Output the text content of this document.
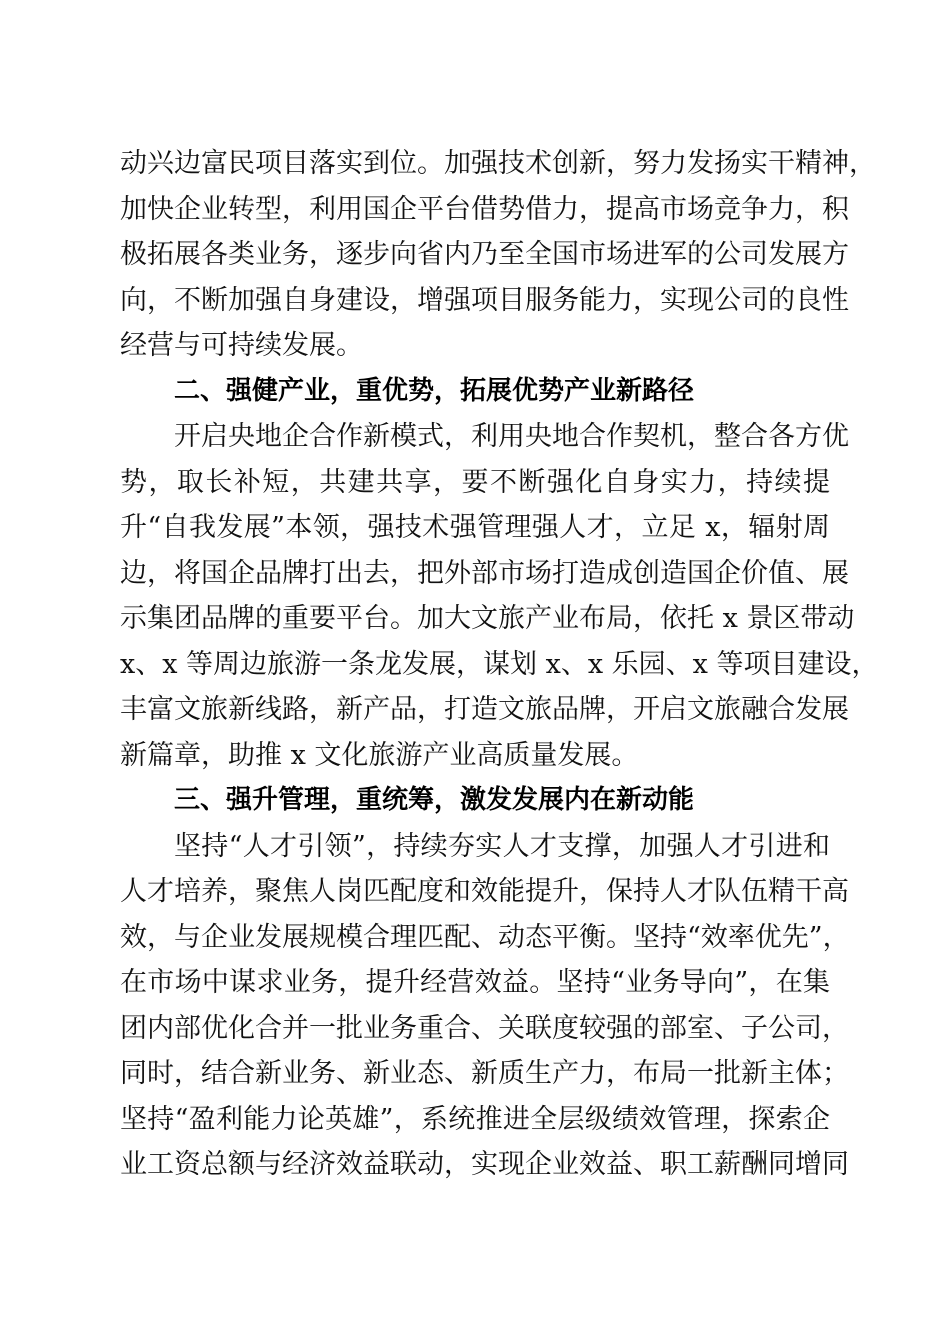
动兴边富民项目落实到位。加强技术创新，努力发扬实干精神，
加快企业转型，利用国企平台借势借力，提高市场竞争力，积
极拓展各类业务，逐步向省内乃至全国市场进军的公司发展方
向，不断加强自身建设，增强项目服务能力，实现公司的良性
经营与可持续发展。
二、强健产业，重优势，拓展优势产业新路径
开启央地企合作新模式，利用央地合作契机，整合各方优
势，取长补短，共建共享，要不断强化自身实力，持续提
升“自我发展”本领，强技术强管理强人才，立足 x，辐射周
边，将国企品牌打出去，把外部市场打造成创造国企价值、展
示集团品牌的重要平台。加大文旅产业布局，依托 x 景区带动
x、x 等周边旅游一条龙发展，谋划 x、x 乐园、x 等项目建设，
丰富文旅新线路，新产品，打造文旅品牌，开启文旅融合发展
新篇章，助推 x 文化旅游产业高质量发展。
三、强升管理，重统筹，激发发展内在新动能
坚持“人才引领”，持续夯实人才支撑，加强人才引进和
人才培养，聚焦人岗匹配度和效能提升，保持人才队伍精干高
效，与企业发展规模合理匹配、动态平衡。坚持“效率优先”，
在市场中谋求业务，提升经营效益。坚持“业务导向”，在集
团内部优化合并一批业务重合、关联度较强的部室、子公司，
同时，结合新业务、新业态、新质生产力，布局一批新主体；
坚持“盈利能力论英雄”，系统推进全层级绩效管理，探索企
业工资总额与经济效益联动，实现企业效益、职工薪酬同增同
